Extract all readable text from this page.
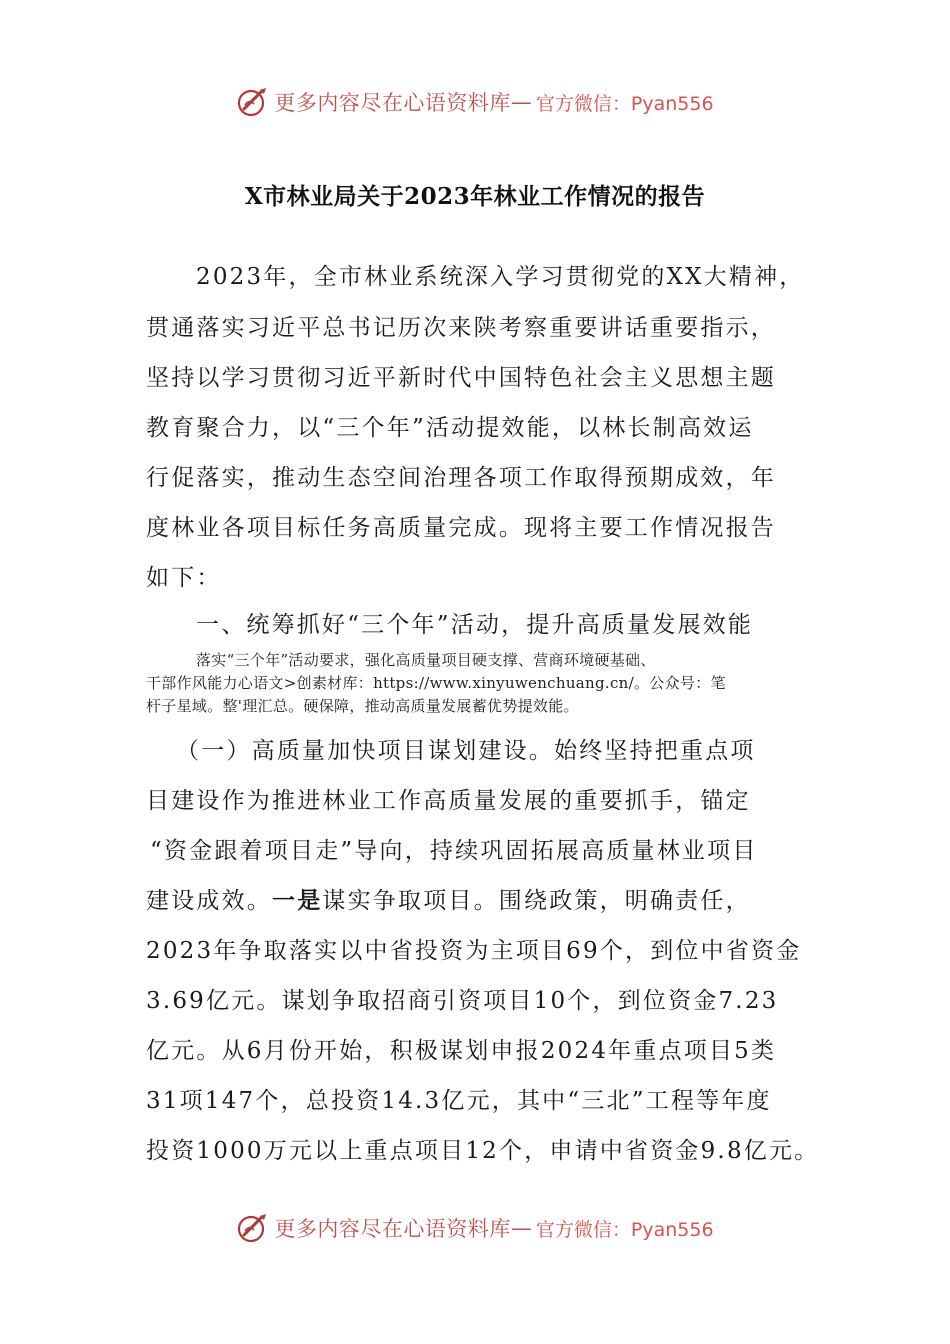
更多内容尽在心语资料库 — 官方微信：Pyan556
X市林业局关于2023年林业工作情况的报告
2023年，全市林业系统深入学习贯彻党的XX大精神，
贯通落实习近平总书记历次来陕考察重要讲话重要指示，
坚持以学习贯彻习近平新时代中国特色社会主义思想主题
教育聚合力，以“三个年”活动提效能，以林长制高效运
行促落实，推动生态空间治理各项工作取得预期成效，年
度林业各项目标任务高质量完成。现将主要工作情况报告
如下：
一、统筹抓好“三个年”活动，提升高质量发展效能
落实“三个年”活动要求，强化高质量项目硬支撑、营商环境硬基础、
干部作风能力心语文>创素材库：https://www.xinyuwenchuang.cn/。公众号：笔
杆子星域。整'理汇总。硬保障，推动高质量发展蓄优势提效能。
（一）高质量加快项目谋划建设。始终坚持把重点项
目建设作为推进林业工作高质量发展的重要抓手，锚定
“资金跟着项目走”导向，持续巩固拓展高质量林业项目
建设成效。一是谋实争取项目。围绕政策，明确责任，
2023年争取落实以中省投资为主项目69个，到位中省资金
3.69亿元。谋划争取招商引资项目10个，到位资金7.23
亿元。从6月份开始，积极谋划申报2024年重点项目5类
31项147个，总投资14.3亿元，其中“三北”工程等年度
投资1000万元以上重点项目12个，申请中省资金9.8亿元。
更多内容尽在心语资料库 — 官方微信：Pyan556
